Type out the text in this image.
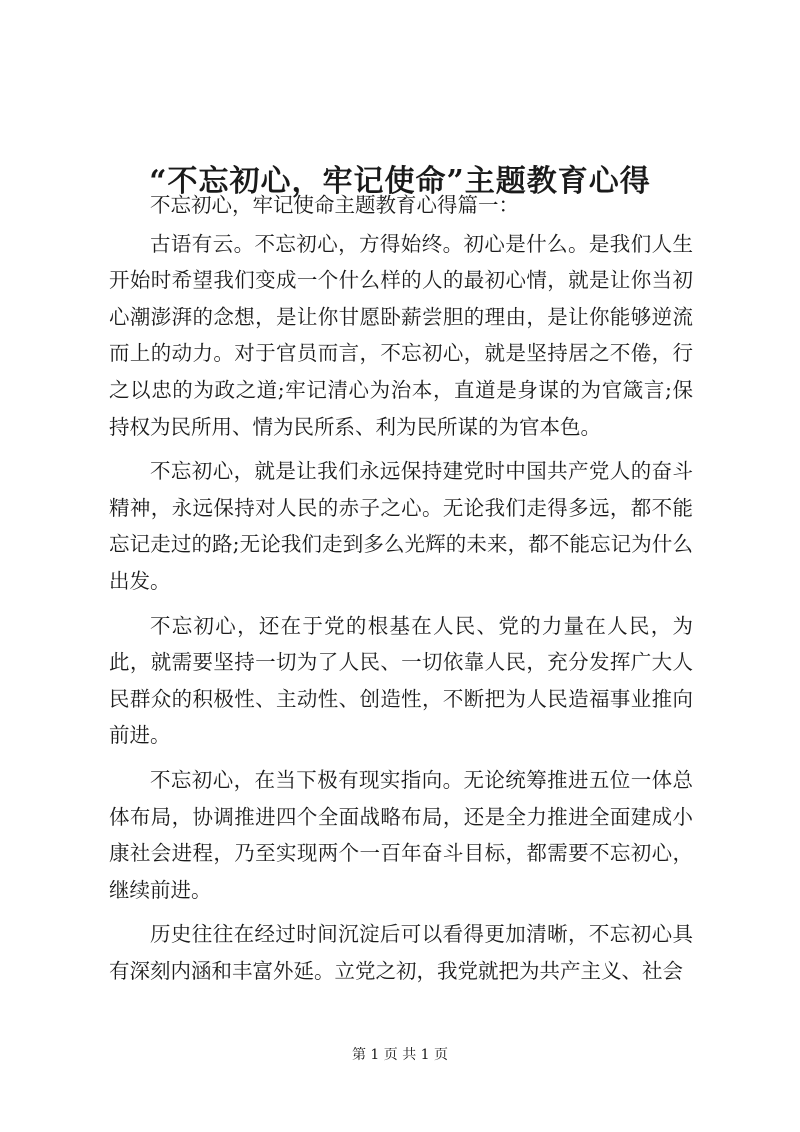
“不忘初心，牢记使命”主题教育心得

不忘初心，牢记使命主题教育心得篇一：

古语有云。不忘初心，方得始终。初心是什么。是我们人生开始时希望我们变成一个什么样的人的最初心情，就是让你当初心潮澎湃的念想，是让你甘愿卧薪尝胆的理由，是让你能够逆流而上的动力。对于官员而言，不忘初心，就是坚持居之不倦，行之以忠的为政之道;牢记清心为治本，直道是身谋的为官箴言;保持权为民所用、情为民所系、利为民所谋的为官本色。

不忘初心，就是让我们永远保持建党时中国共产党人的奋斗精神，永远保持对人民的赤子之心。无论我们走得多远，都不能忘记走过的路;无论我们走到多么光辉的未来，都不能忘记为什么出发。

不忘初心，还在于党的根基在人民、党的力量在人民，为此，就需要坚持一切为了人民、一切依靠人民，充分发挥广大人民群众的积极性、主动性、创造性，不断把为人民造福事业推向前进。

不忘初心，在当下极有现实指向。无论统筹推进五位一体总体布局，协调推进四个全面战略布局，还是全力推进全面建成小康社会进程，乃至实现两个一百年奋斗目标，都需要不忘初心，继续前进。

历史往往在经过时间沉淀后可以看得更加清晰，不忘初心具有深刻内涵和丰富外延。立党之初，我党就把为共产主义、社会

第 1 页 共 1 页
